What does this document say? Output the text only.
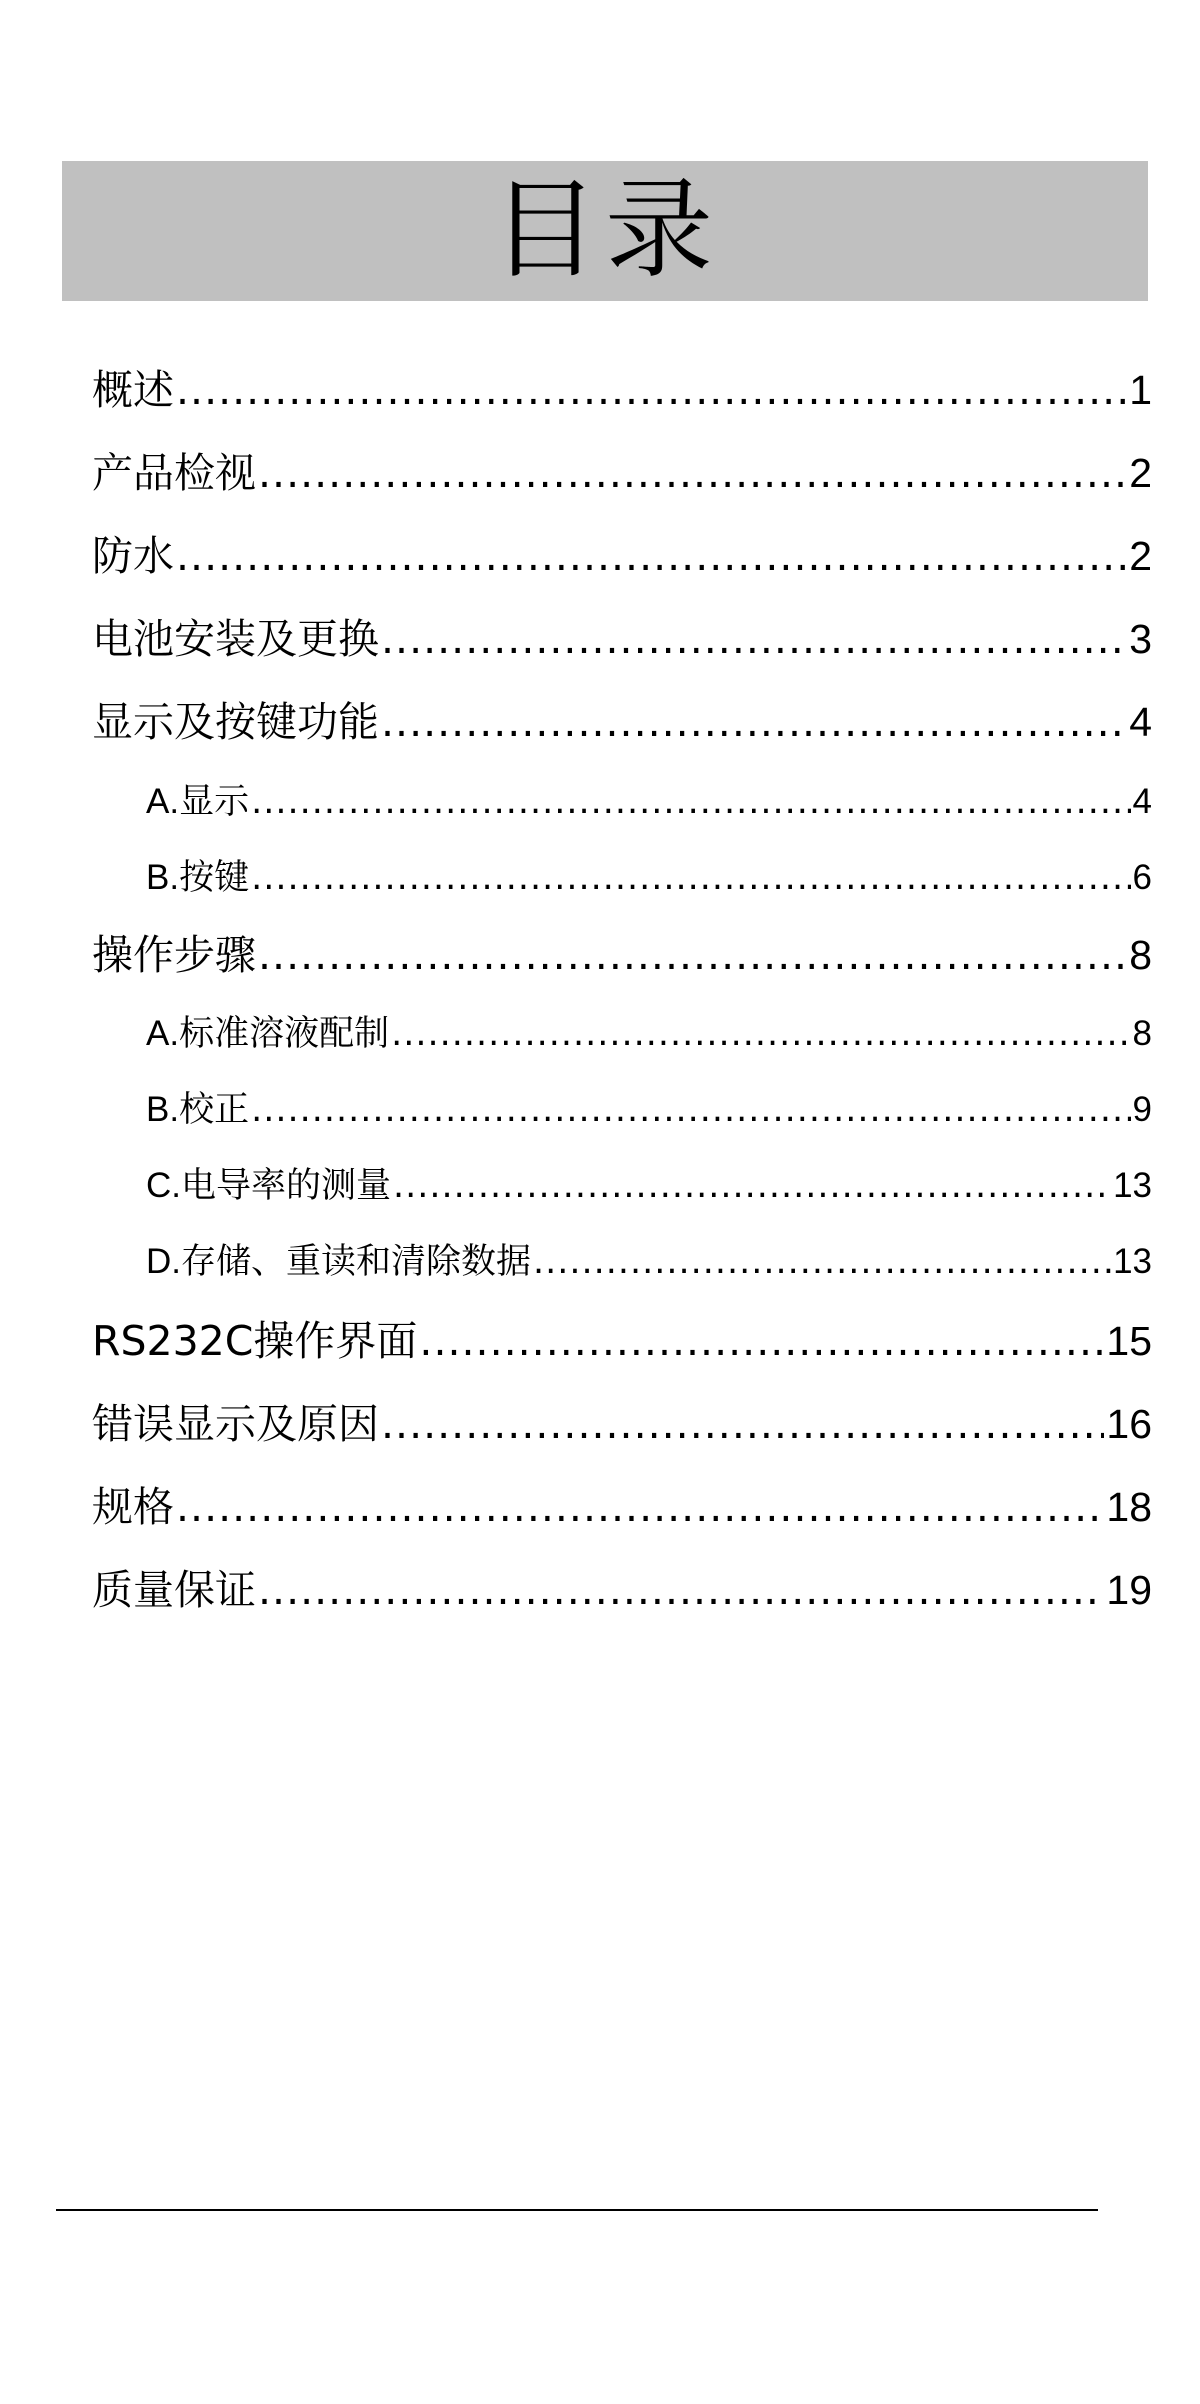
目录
概述 .....	1
产品检视 .....	2
防水 .....	2
电池安装及更换 .....	3
显示及按键功能 .....	4
A. 显示 .....	4
B. 按键 .....	6
操作步骤 .....	8
A. 标准溶液配制 .....	8
B. 校正 .....	9
C. 电导率的测量 .....	13
D. 存储、重读和清除数据 .....	13
RS232C操作界面 .....	15
错误显示及原因 .....	16
规格 .....	18
质量保证 .....	19
